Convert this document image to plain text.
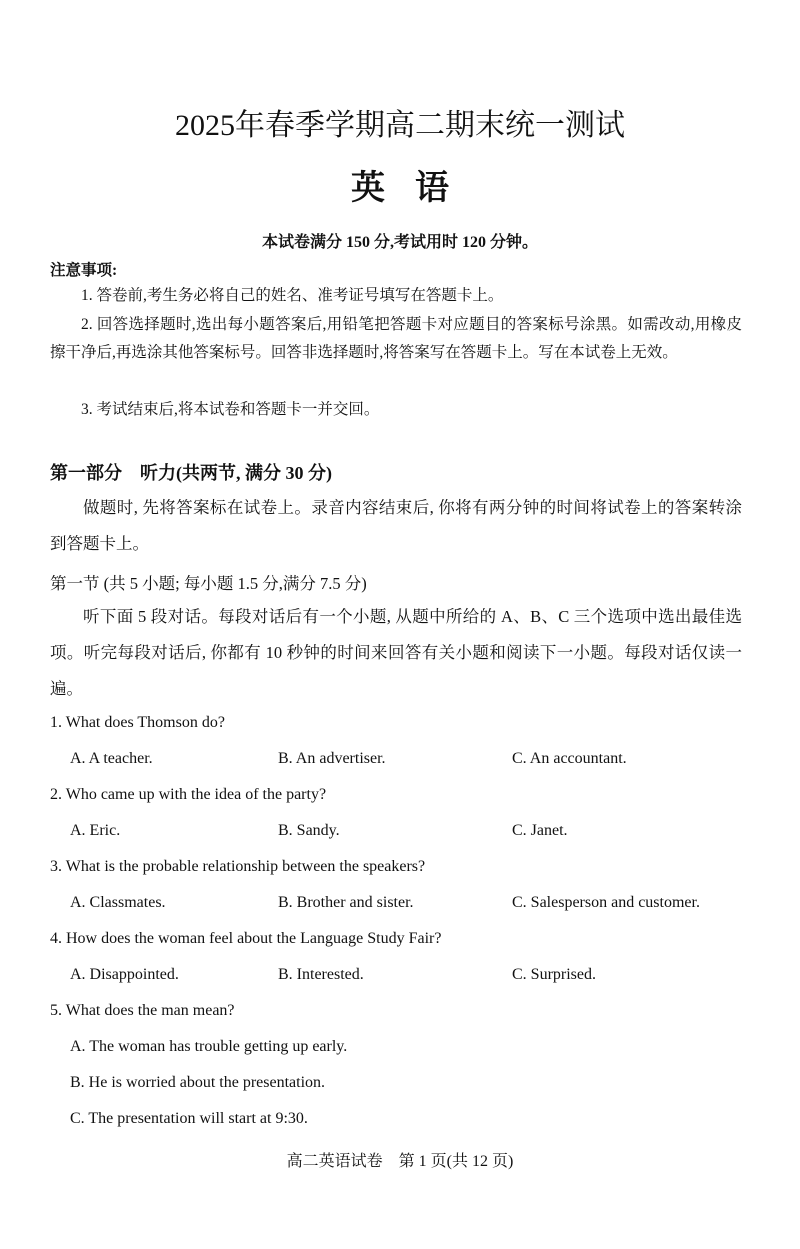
2025年春季学期高二期末统一测试
英语
本试卷满分 150 分,考试用时 120 分钟。
注意事项:
1. 答卷前,考生务必将自己的姓名、准考证号填写在答题卡上。
2. 回答选择题时,选出每小题答案后,用铅笔把答题卡对应题目的答案标号涂黑。如需改动,用橡皮擦干净后,再选涂其他答案标号。回答非选择题时,将答案写在答题卡上。写在本试卷上无效。
3. 考试结束后,将本试卷和答题卡一并交回。
第一部分　听力(共两节, 满分 30 分)
做题时, 先将答案标在试卷上。录音内容结束后, 你将有两分钟的时间将试卷上的答案转涂到答题卡上。
第一节 (共 5 小题; 每小题 1.5 分,满分 7.5 分)
听下面 5 段对话。每段对话后有一个小题, 从题中所给的 A、B、C 三个选项中选出最佳选项。听完每段对话后, 你都有 10 秒钟的时间来回答有关小题和阅读下一小题。每段对话仅读一遍。
1. What does Thomson do?
A. A teacher.	B. An advertiser.	C. An accountant.
2. Who came up with the idea of the party?
A. Eric.	B. Sandy.	C. Janet.
3. What is the probable relationship between the speakers?
A. Classmates.	B. Brother and sister.	C. Salesperson and customer.
4. How does the woman feel about the Language Study Fair?
A. Disappointed.	B. Interested.	C. Surprised.
5. What does the man mean?
A. The woman has trouble getting up early.
B. He is worried about the presentation.
C. The presentation will start at 9:30.
高二英语试卷　第 1 页(共 12 页)
